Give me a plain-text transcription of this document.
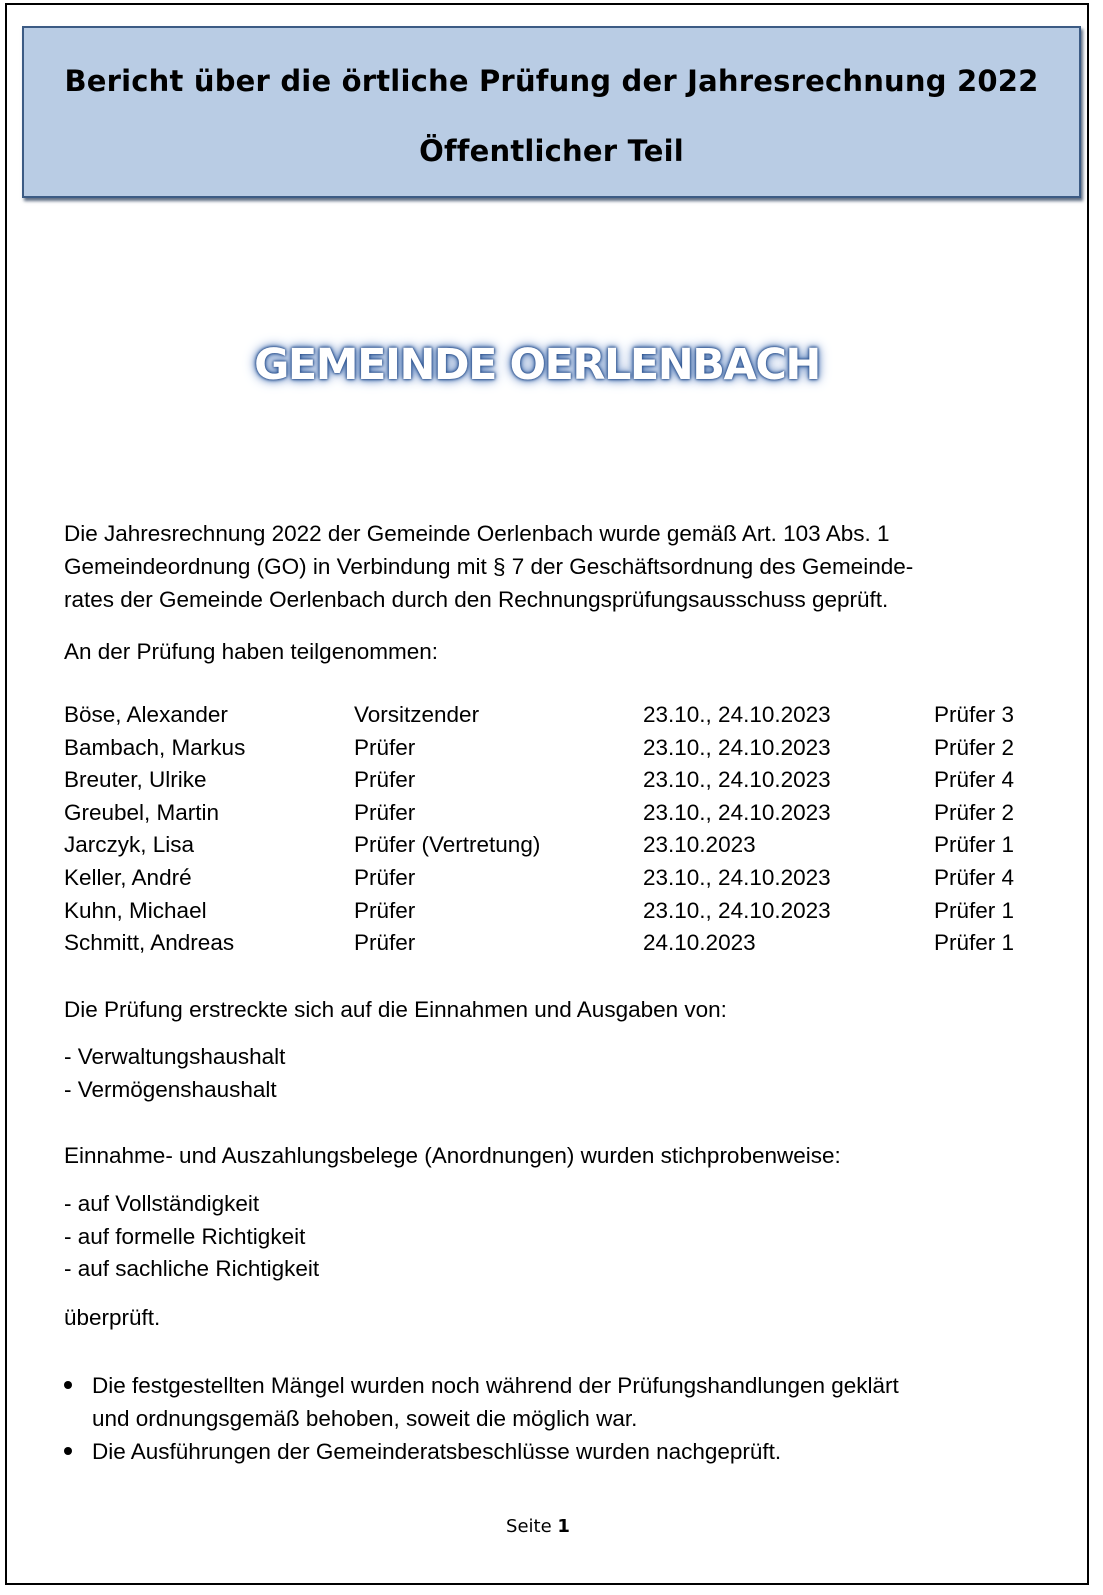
Bericht über die örtliche Prüfung der Jahresrechnung 2022
Öffentlicher Teil
GEMEINDE OERLENBACH
Die Jahresrechnung 2022 der Gemeinde Oerlenbach wurde gemäß Art. 103 Abs. 1
Gemeindeordnung (GO) in Verbindung mit § 7 der Geschäftsordnung des Gemeinde-
rates der Gemeinde Oerlenbach durch den Rechnungsprüfungsausschuss geprüft.
An der Prüfung haben teilgenommen:
Böse, Alexander	Vorsitzender	23.10., 24.10.2023	Prüfer 3
Bambach, Markus	Prüfer	23.10., 24.10.2023	Prüfer 2
Breuter, Ulrike	Prüfer	23.10., 24.10.2023	Prüfer 4
Greubel, Martin	Prüfer	23.10., 24.10.2023	Prüfer 2
Jarczyk, Lisa	Prüfer (Vertretung)	23.10.2023	Prüfer 1
Keller, André	Prüfer	23.10., 24.10.2023	Prüfer 4
Kuhn, Michael	Prüfer	23.10., 24.10.2023	Prüfer 1
Schmitt, Andreas	Prüfer	24.10.2023	Prüfer 1
Die Prüfung erstreckte sich auf die Einnahmen und Ausgaben von:
- Verwaltungshaushalt
- Vermögenshaushalt
Einnahme- und Auszahlungsbelege (Anordnungen) wurden stichprobenweise:
- auf Vollständigkeit
- auf formelle Richtigkeit
- auf sachliche Richtigkeit
überprüft.
Die festgestellten Mängel wurden noch während der Prüfungshandlungen geklärt
und ordnungsgemäß behoben, soweit die möglich war.
Die Ausführungen der Gemeinderatsbeschlüsse wurden nachgeprüft.
Seite 1
